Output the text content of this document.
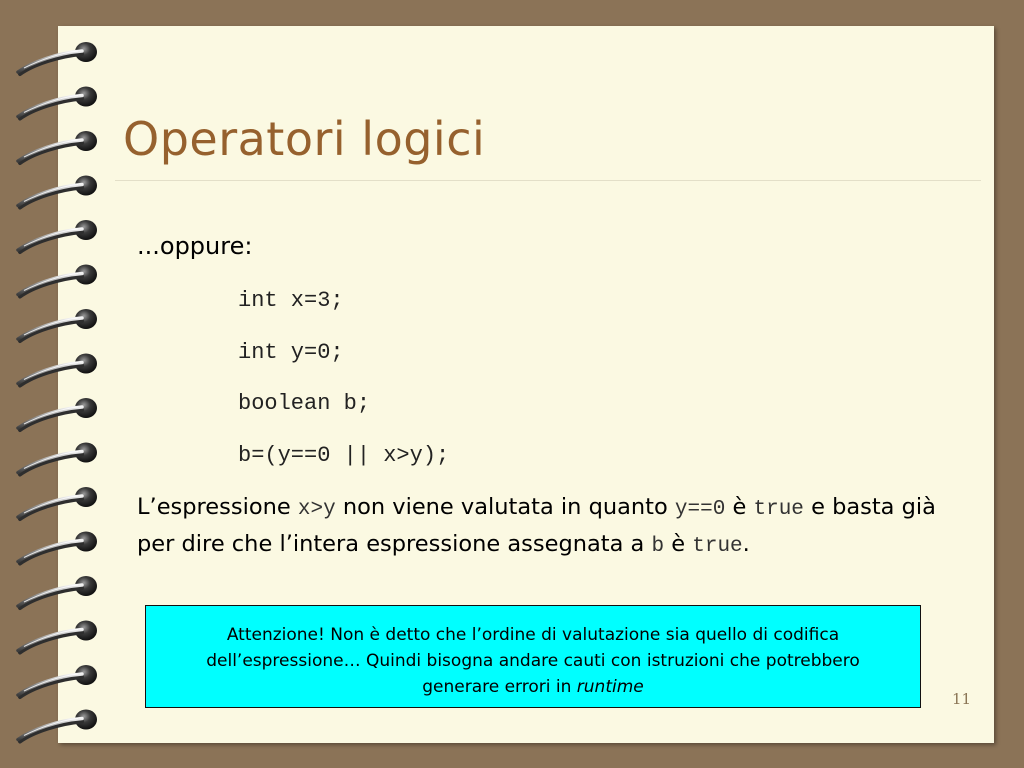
Operatori logici
...oppure:
int x=3;
int y=0;
boolean b;
b=(y==0 || x>y);
L’espressione x>y non viene valutata in quanto y==0 è true e basta già per dire che l’intera espressione assegnata a b è true.
Attenzione! Non è detto che l’ordine di valutazione sia quello di codifica dell’espressione… Quindi bisogna andare cauti con istruzioni che potrebbero generare errori in runtime
11
